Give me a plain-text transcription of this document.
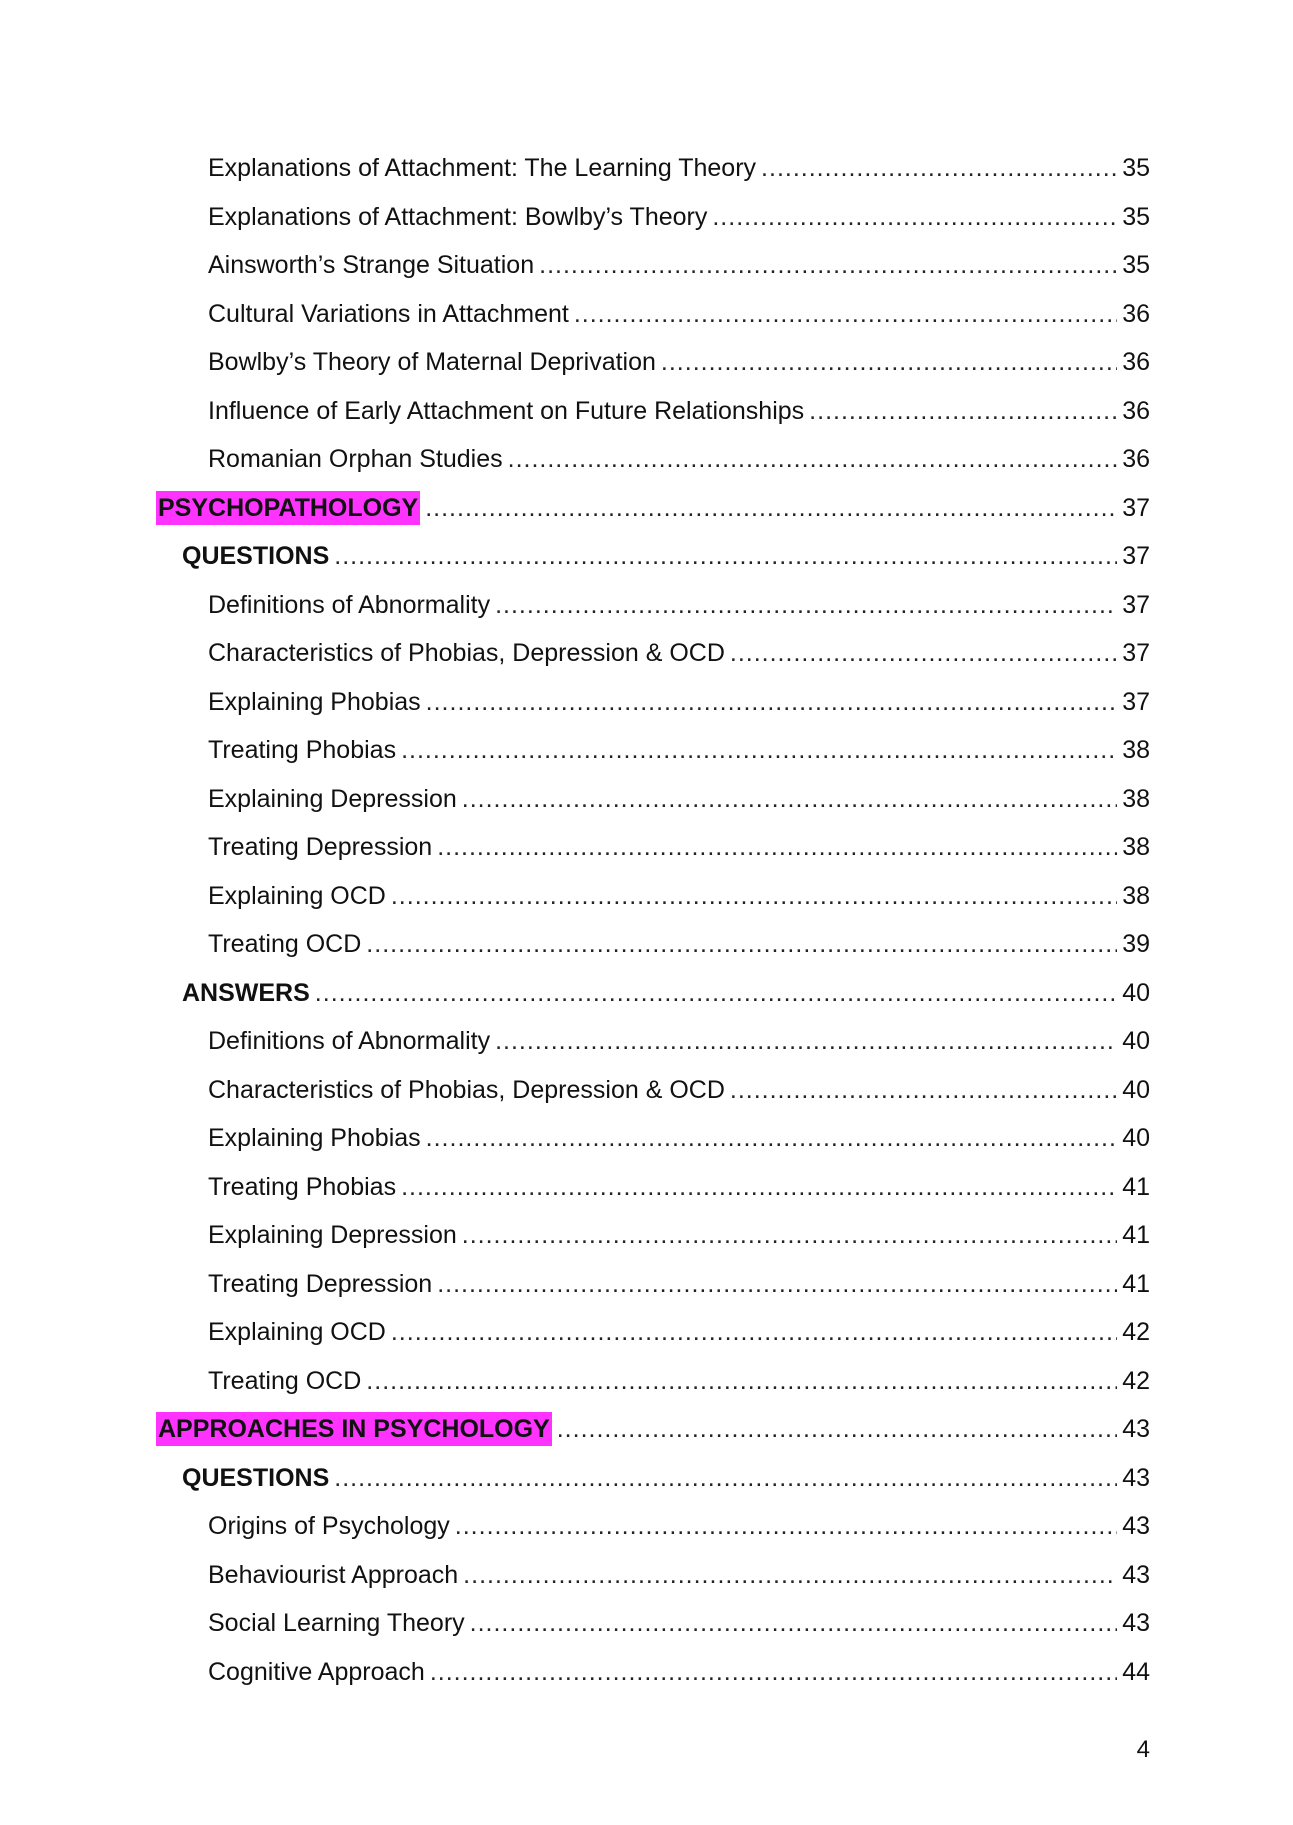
Explanations of Attachment: The Learning Theory .....	35
Explanations of Attachment: Bowlby’s Theory .....	35
Ainsworth’s Strange Situation .....	35
Cultural Variations in Attachment .....	36
Bowlby’s Theory of Maternal Deprivation .....	36
Influence of Early Attachment on Future Relationships .....	36
Romanian Orphan Studies .....	36
PSYCHOPATHOLOGY .....	37
QUESTIONS .....	37
Definitions of Abnormality .....	37
Characteristics of Phobias, Depression & OCD .....	37
Explaining Phobias .....	37
Treating Phobias .....	38
Explaining Depression .....	38
Treating Depression .....	38
Explaining OCD .....	38
Treating OCD .....	39
ANSWERS .....	40
Definitions of Abnormality .....	40
Characteristics of Phobias, Depression & OCD .....	40
Explaining Phobias .....	40
Treating Phobias .....	41
Explaining Depression .....	41
Treating Depression .....	41
Explaining OCD .....	42
Treating OCD .....	42
APPROACHES IN PSYCHOLOGY .....	43
QUESTIONS .....	43
Origins of Psychology .....	43
Behaviourist Approach .....	43
Social Learning Theory .....	43
Cognitive Approach .....	44
4
